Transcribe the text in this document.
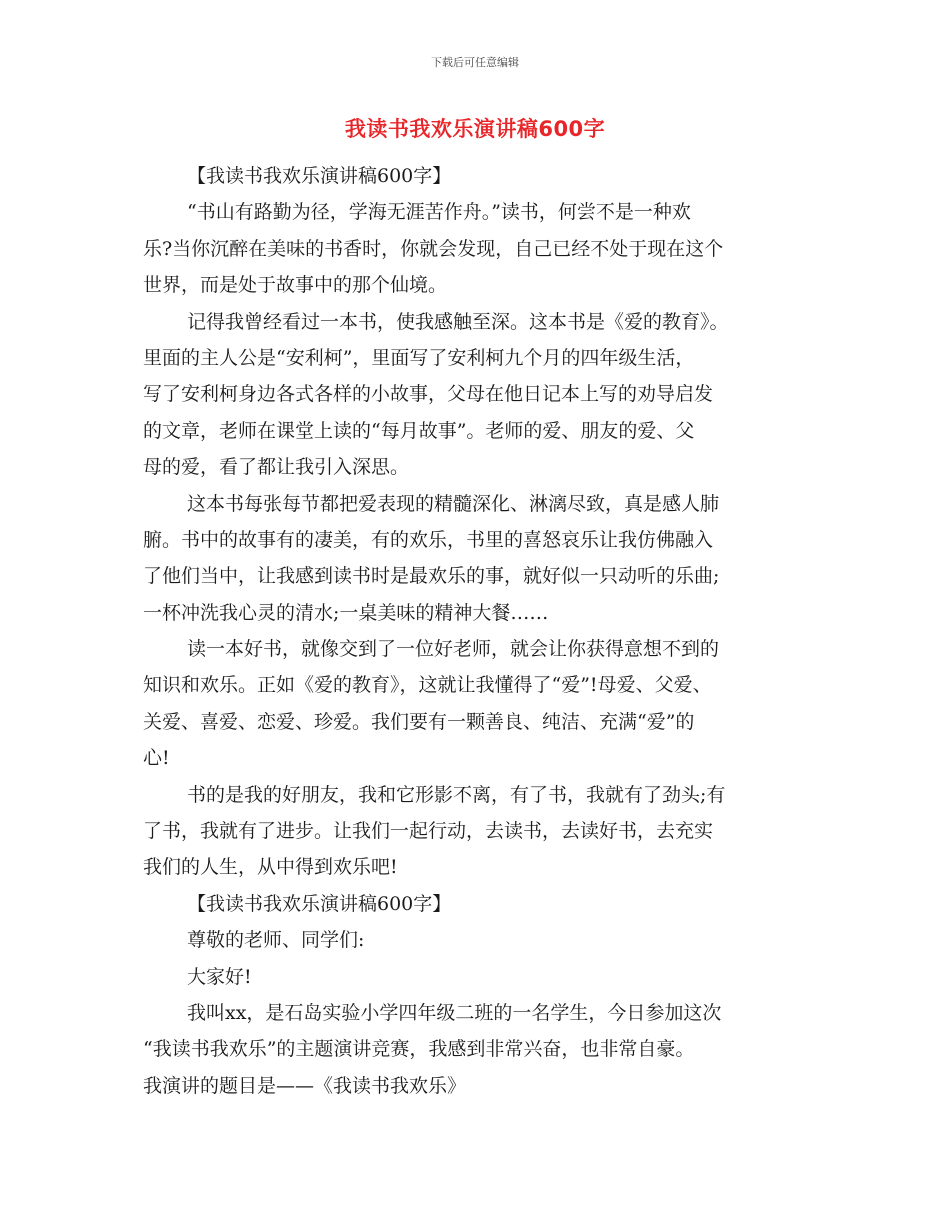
下载后可任意编辑
我读书我欢乐演讲稿600字
【我读书我欢乐演讲稿600字】
“书山有路勤为径，学海无涯苦作舟。”读书，何尝不是一种欢
乐?当你沉醉在美味的书香时，你就会发现，自己已经不处于现在这个
世界，而是处于故事中的那个仙境。
记得我曾经看过一本书，使我感触至深。这本书是《爱的教育》。
里面的主人公是“安利柯”，里面写了安利柯九个月的四年级生活，
写了安利柯身边各式各样的小故事，父母在他日记本上写的劝导启发
的文章，老师在课堂上读的“每月故事”。老师的爱、朋友的爱、父
母的爱，看了都让我引入深思。
这本书每张每节都把爱表现的精髓深化、淋漓尽致，真是感人肺
腑。书中的故事有的凄美，有的欢乐，书里的喜怒哀乐让我仿佛融入
了他们当中，让我感到读书时是最欢乐的事，就好似一只动听的乐曲;
一杯冲洗我心灵的清水;一桌美味的精神大餐……
读一本好书，就像交到了一位好老师，就会让你获得意想不到的
知识和欢乐。正如《爱的教育》，这就让我懂得了“爱”!母爱、父爱、
关爱、喜爱、恋爱、珍爱。我们要有一颗善良、纯洁、充满“爱”的
心!
书的是我的好朋友，我和它形影不离，有了书，我就有了劲头;有
了书，我就有了进步。让我们一起行动，去读书，去读好书，去充实
我们的人生，从中得到欢乐吧!
【我读书我欢乐演讲稿600字】
尊敬的老师、同学们:
大家好!
我叫xx，是石岛实验小学四年级二班的一名学生，今日参加这次
“我读书我欢乐”的主题演讲竞赛，我感到非常兴奋，也非常自豪。
我演讲的题目是——《我读书我欢乐》
